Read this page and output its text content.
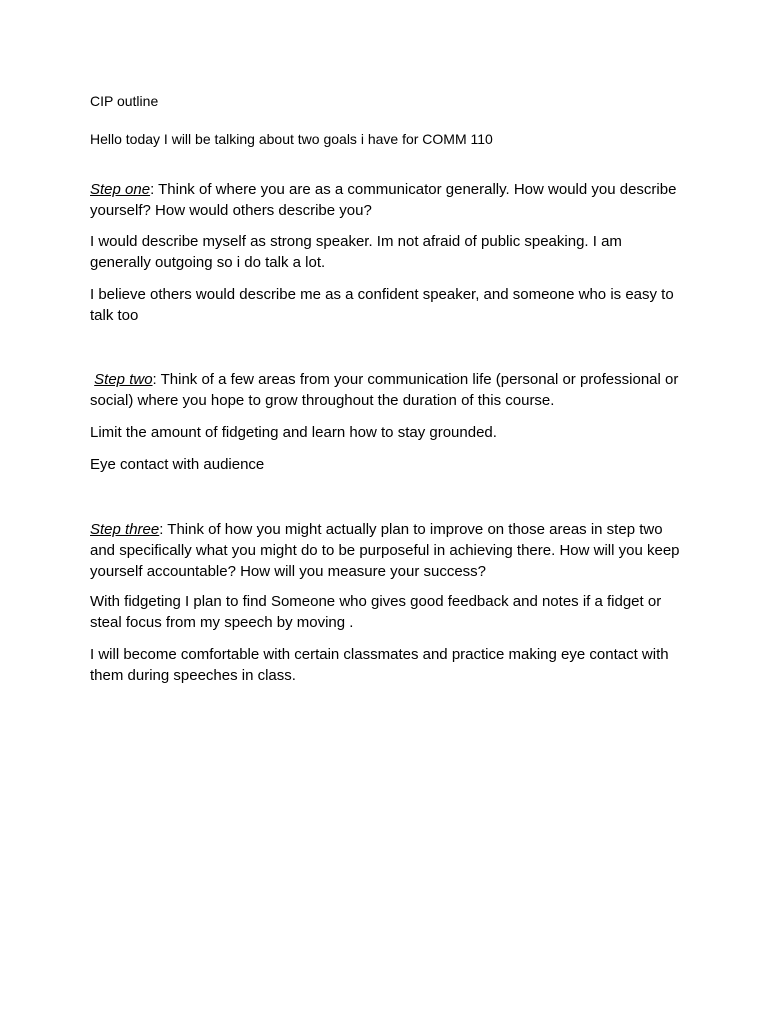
CIP outline

Hello today I will be talking about two goals i have for COMM 110

Step one: Think of where you are as a communicator generally. How would you describe yourself? How would others describe you?

I would describe myself as strong speaker. Im not afraid of public speaking. I am generally outgoing so i do talk a lot.

I believe others would describe me as a confident speaker, and someone who is easy to talk too

Step two: Think of a few areas from your communication life (personal or professional or social) where you hope to grow throughout the duration of this course.

Limit the amount of fidgeting and learn how to stay grounded.

Eye contact with audience

Step three: Think of how you might actually plan to improve on those areas in step two and specifically what you might do to be purposeful in achieving there. How will you keep yourself accountable? How will you measure your success?

With fidgeting I plan to find Someone who gives good feedback and notes if a fidget or steal focus from my speech by moving .

I will become comfortable with certain classmates and practice making eye contact with them during speeches in class.
